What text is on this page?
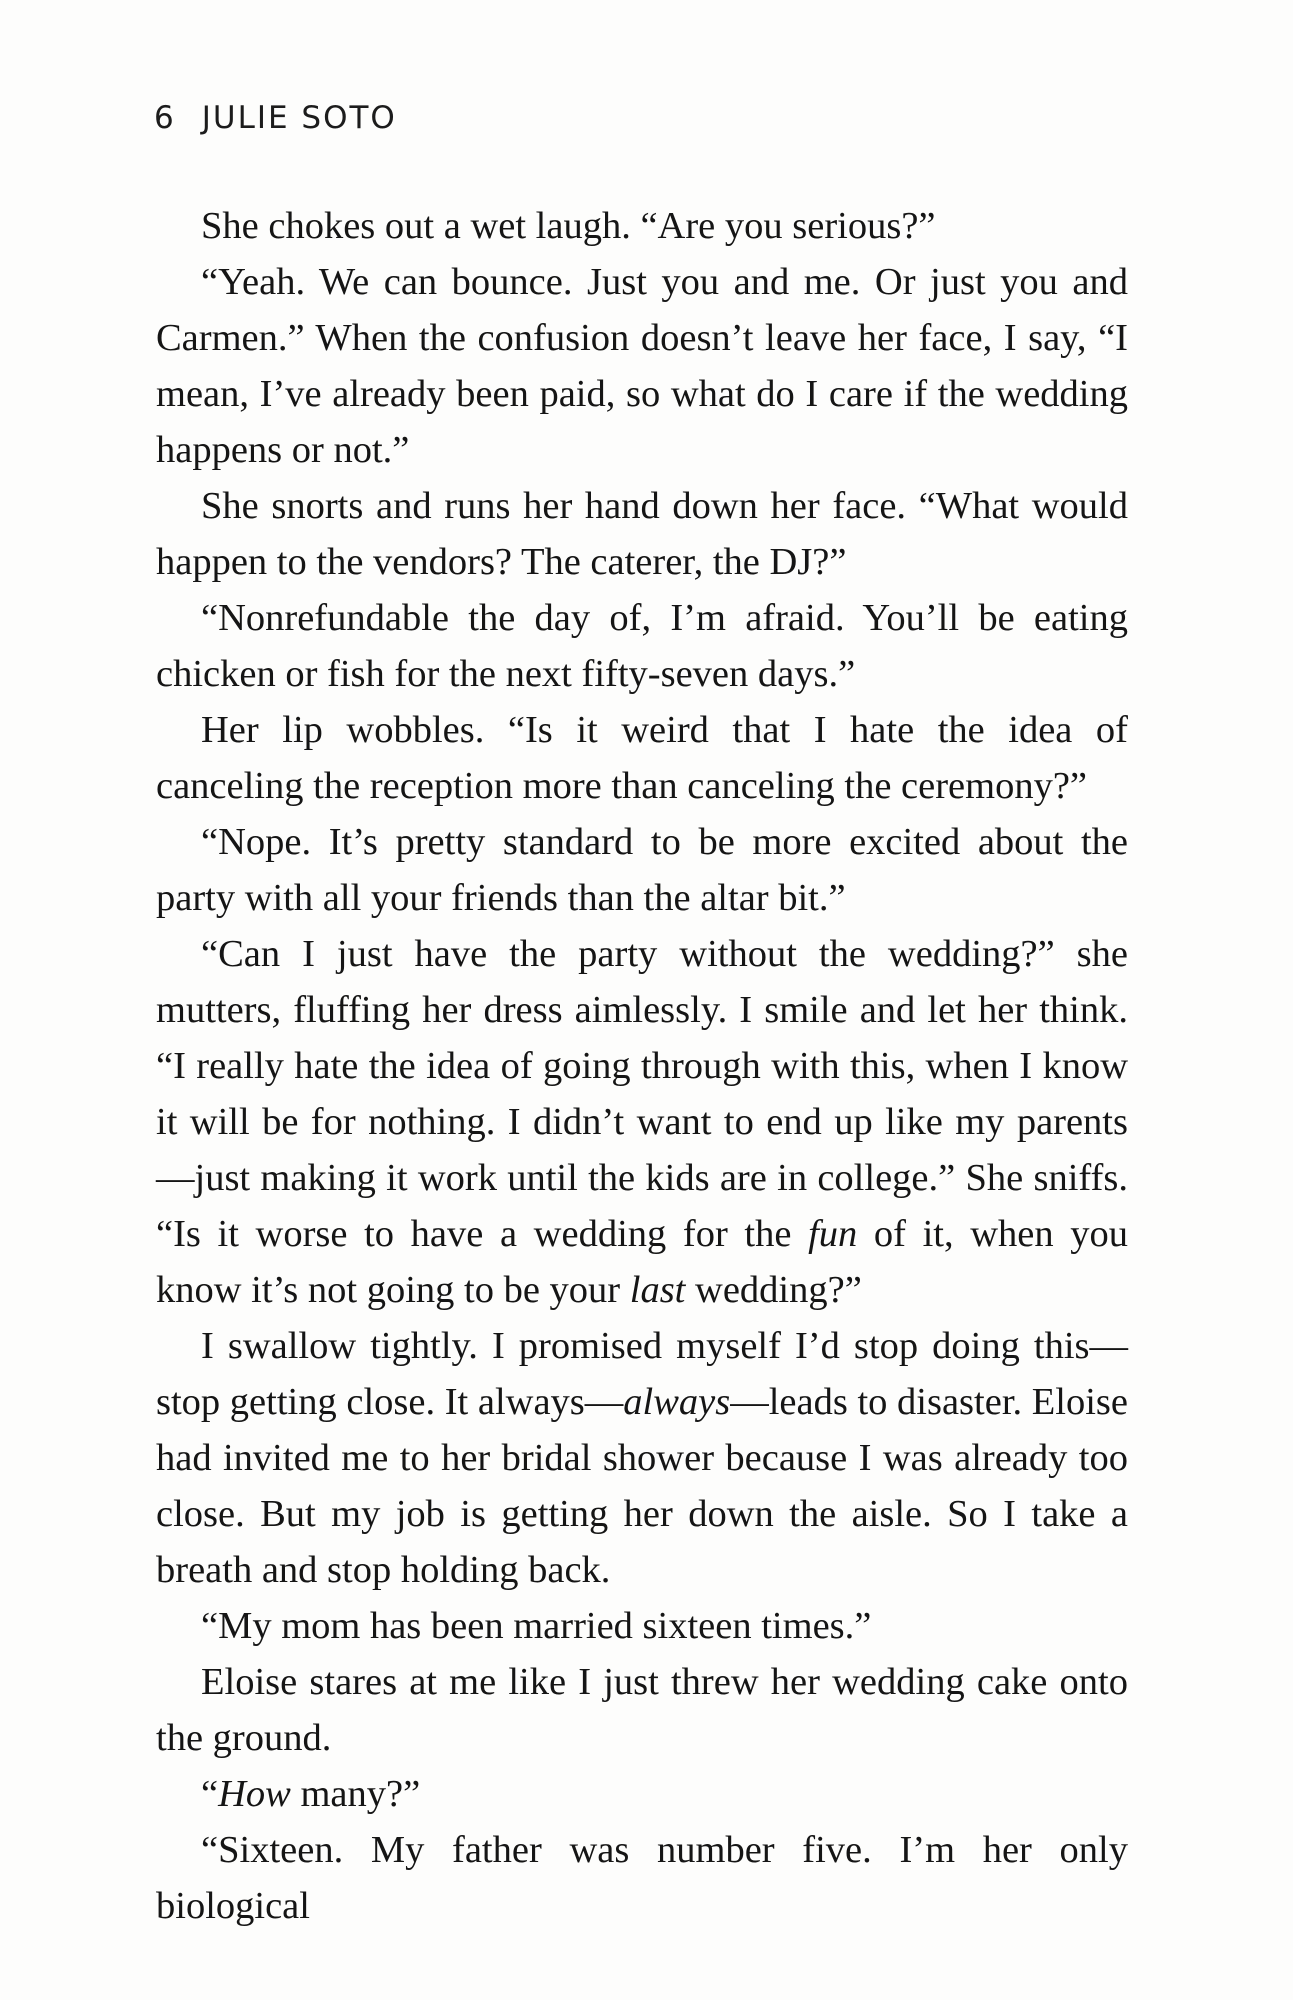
6 JULIE SOTO

She chokes out a wet laugh. “Are you serious?”

“Yeah. We can bounce. Just you and me. Or just you and Carmen.” When the confusion doesn’t leave her face, I say, “I mean, I’ve already been paid, so what do I care if the wedding happens or not.”

She snorts and runs her hand down her face. “What would happen to the vendors? The caterer, the DJ?”

“Nonrefundable the day of, I’m afraid. You’ll be eating chicken or fish for the next fifty-seven days.”

Her lip wobbles. “Is it weird that I hate the idea of canceling the reception more than canceling the ceremony?”

“Nope. It’s pretty standard to be more excited about the party with all your friends than the altar bit.”

“Can I just have the party without the wedding?” she mutters, fluffing her dress aimlessly. I smile and let her think. “I really hate the idea of going through with this, when I know it will be for nothing. I didn’t want to end up like my parents—just making it work until the kids are in college.” She sniffs. “Is it worse to have a wedding for the fun of it, when you know it’s not going to be your last wedding?”

I swallow tightly. I promised myself I’d stop doing this—stop getting close. It always—always—leads to disaster. Eloise had invited me to her bridal shower because I was already too close. But my job is getting her down the aisle. So I take a breath and stop holding back.

“My mom has been married sixteen times.”

Eloise stares at me like I just threw her wedding cake onto the ground.

“How many?”

“Sixteen. My father was number five. I’m her only biological
